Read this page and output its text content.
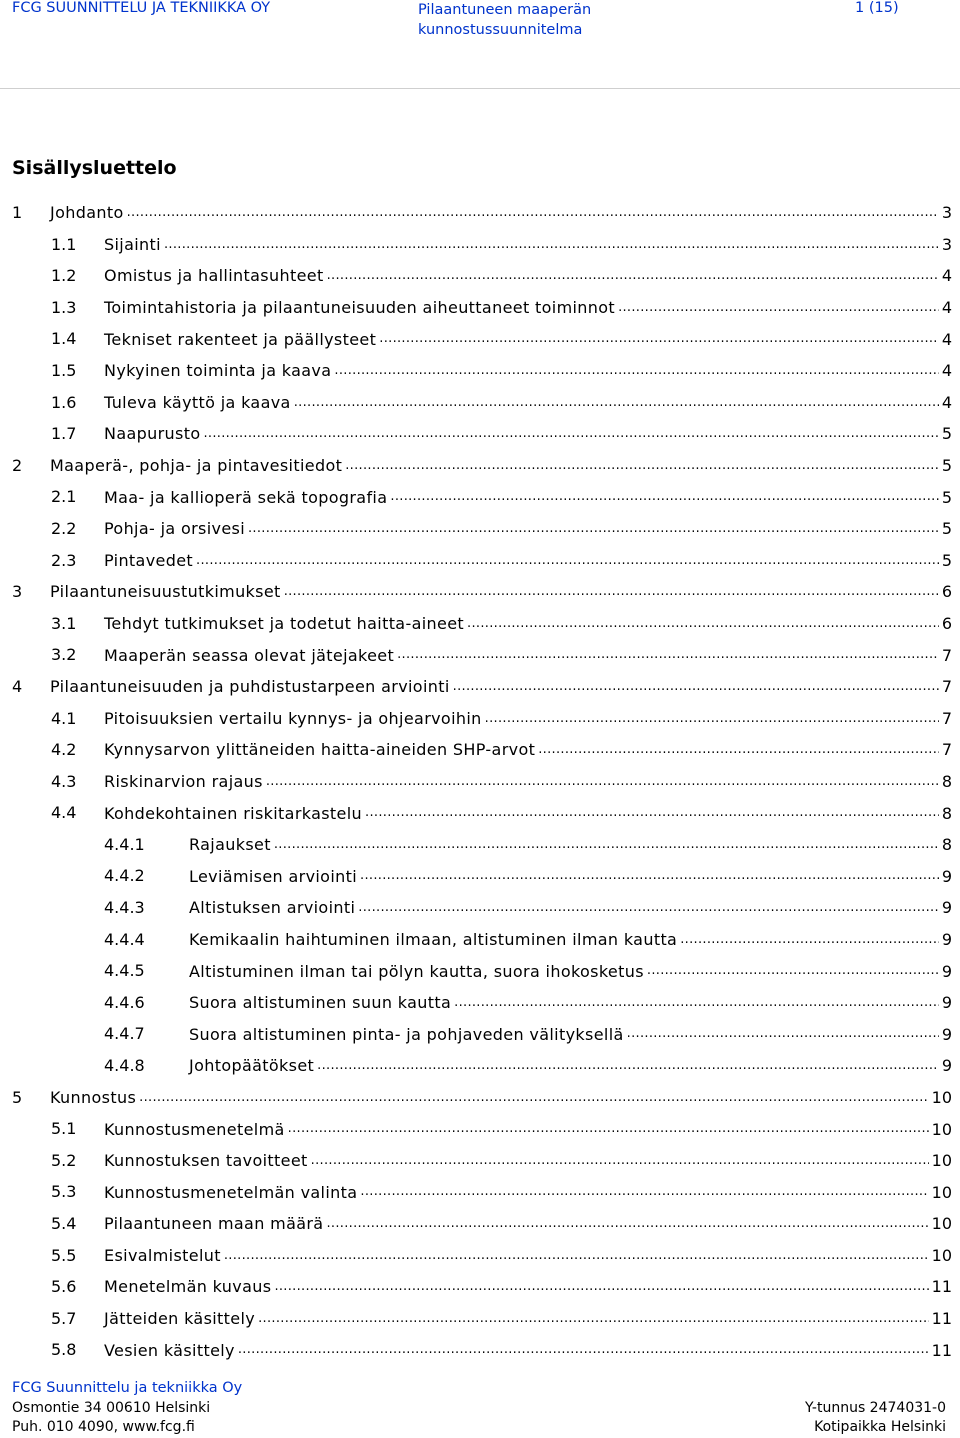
FCG SUUNNITTELU JA TEKNIIKKA OY	Pilaantuneen maaperän
kunnostussuunnitelma
1 (15)
Sisällysluettelo
1 Johdanto .....	3
1.1 Sijainti .....	3
1.2 Omistus ja hallintasuhteet .....	4
1.3 Toimintahistoria ja pilaantuneisuuden aiheuttaneet toiminnot .....	4
1.4 Tekniset rakenteet ja päällysteet .....	4
1.5 Nykyinen toiminta ja kaava .....	4
1.6 Tuleva käyttö ja kaava .....	4
1.7 Naapurusto .....	5
2 Maaperä-, pohja- ja pintavesitiedot .....	5
2.1 Maa- ja kallioperä sekä topografia .....	5
2.2 Pohja- ja orsivesi .....	5
2.3 Pintavedet .....	5
3 Pilaantuneisuustutkimukset .....	6
3.1 Tehdyt tutkimukset ja todetut haitta-aineet .....	6
3.2 Maaperän seassa olevat jätejakeet .....	7
4 Pilaantuneisuuden ja puhdistustarpeen arviointi .....	7
4.1 Pitoisuuksien vertailu kynnys- ja ohjearvoihin .....	7
4.2 Kynnysarvon ylittäneiden haitta-aineiden SHP-arvot .....	7
4.3 Riskinarvion rajaus .....	8
4.4 Kohdekohtainen riskitarkastelu .....	8
4.4.1	Rajaukset .....	8
4.4.2	Leviämisen arviointi .....	9
4.4.3	Altistuksen arviointi .....	9
4.4.4	Kemikaalin haihtuminen ilmaan, altistuminen ilman kautta .....	9
4.4.5	Altistuminen ilman tai pölyn kautta, suora ihokosketus .....	9
4.4.6	Suora altistuminen suun kautta .....	9
4.4.7	Suora altistuminen pinta- ja pohjaveden välityksellä .....	9
4.4.8	Johtopäätökset .....	9
5 Kunnostus .....	10
5.1 Kunnostusmenetelmä .....	10
5.2 Kunnostuksen tavoitteet .....	10
5.3 Kunnostusmenetelmän valinta .....	10
5.4 Pilaantuneen maan määrä .....	10
5.5 Esivalmistelut .....	10
5.6 Menetelmän kuvaus .....	11
5.7 Jätteiden käsittely .....	11
5.8 Vesien käsittely .....	11
FCG Suunnittelu ja tekniikka Oy
Osmontie 34 00610 Helsinki
Puh. 010 4090, www.fcg.fi
Y-tunnus 2474031-0
Kotipaikka Helsinki
